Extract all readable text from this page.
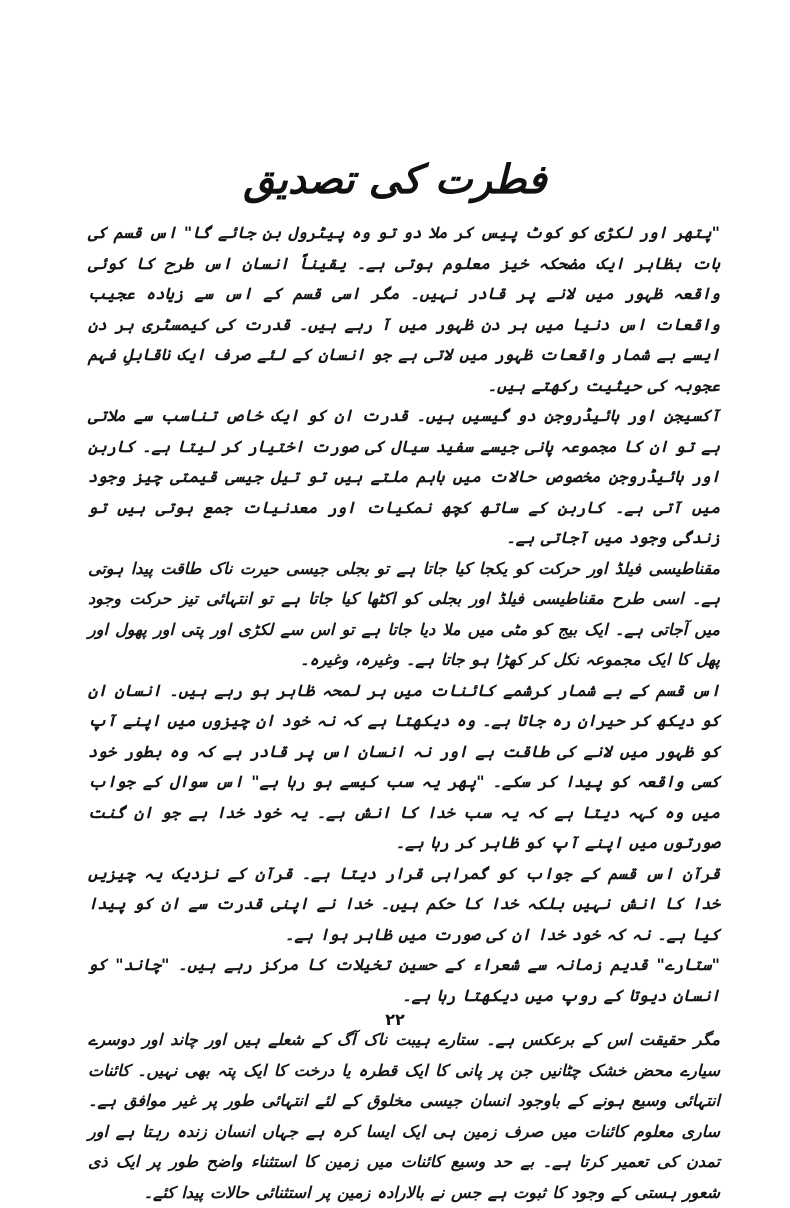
فطرت کی تصدیق

"پتھر اور لکڑی کو کوٹ پیس کر ملا دو تو وہ پیٹرول بن جائے گا" اس قسم کی بات بظاہر ایک مضحکہ خیز معلوم ہوتی ہے۔ یقیناً انسان اس طرح کا کوئی واقعہ ظہور میں لانے پر قادر نہیں۔ مگر اسی قسم کے اس سے زیادہ عجیب واقعات اس دنیا میں ہر دن ظہور میں آ رہے ہیں۔ قدرت کی کیمسٹری ہر دن ایسے بے شمار واقعات ظہور میں لاتی ہے جو انسان کے لئے صرف ایک ناقابلِ فہم عجوبہ کی حیثیت رکھتے ہیں۔

آکسیجن اور ہائیڈروجن دو گیسیں ہیں۔ قدرت ان کو ایک خاص تناسب سے ملاتی ہے تو ان کا مجموعہ پانی جیسے سفید سیال کی صورت اختیار کر لیتا ہے۔ کاربن اور ہائیڈروجن مخصوص حالات میں باہم ملتے ہیں تو تیل جیسی قیمتی چیز وجود میں آتی ہے۔ کاربن کے ساتھ کچھ نمکیات اور معدنیات جمع ہوتی ہیں تو زندگی وجود میں آجاتی ہے۔

مقناطیسی فیلڈ اور حرکت کو یکجا کیا جاتا ہے تو بجلی جیسی حیرت ناک طاقت پیدا ہوتی ہے۔ اسی طرح مقناطیسی فیلڈ اور بجلی کو اکٹھا کیا جاتا ہے تو انتہائی تیز حرکت وجود میں آجاتی ہے۔ ایک بیج کو مٹی میں ملا دیا جاتا ہے تو اس سے لکڑی اور پتی اور پھول اور پھل کا ایک مجموعہ نکل کر کھڑا ہو جاتا ہے۔ وغیرہ، وغیرہ۔

اس قسم کے بے شمار کرشمے کائنات میں ہر لمحہ ظاہر ہو رہے ہیں۔ انسان ان کو دیکھ کر حیران رہ جاتا ہے۔ وہ دیکھتا ہے کہ نہ خود ان چیزوں میں اپنے آپ کو ظہور میں لانے کی طاقت ہے اور نہ انسان اس پر قادر ہے کہ وہ بطور خود کسی واقعہ کو پیدا کر سکے۔ "پھر یہ سب کیسے ہو رہا ہے" اس سوال کے جواب میں وہ کہہ دیتا ہے کہ یہ سب خدا کا انش ہے۔ یہ خود خدا ہے جو ان گنت صورتوں میں اپنے آپ کو ظاہر کر رہا ہے۔

قرآن اس قسم کے جواب کو گمراہی قرار دیتا ہے۔ قرآن کے نزدیک یہ چیزیں خدا کا انش نہیں بلکہ خدا کا حکم ہیں۔ خدا نے اپنی قدرت سے ان کو پیدا کیا ہے۔ نہ کہ خود خدا ان کی صورت میں ظاہر ہوا ہے۔

"ستارے" قدیم زمانہ سے شعراء کے حسین تخیلات کا مرکز رہے ہیں۔ "چاند" کو انسان دیوتا کے روپ میں دیکھتا رہا ہے۔

مگر حقیقت اس کے برعکس ہے۔ ستارے ہیبت ناک آگ کے شعلے ہیں اور چاند اور دوسرے سیارے محض خشک چٹانیں جن پر پانی کا ایک قطرہ یا درخت کا ایک پتہ بھی نہیں۔ کائنات انتہائی وسیع ہونے کے باوجود انسان جیسی مخلوق کے لئے انتہائی طور پر غیر موافق ہے۔ ساری معلوم کائنات میں صرف زمین ہی ایک ایسا کرہ ہے جہاں انسان زندہ رہتا ہے اور تمدن کی تعمیر کرتا ہے۔ بے حد وسیع کائنات میں زمین کا استثناء واضح طور پر ایک ذی شعور ہستی کے وجود کا ثبوت ہے جس نے بالارادہ زمین پر استثنائی حالات پیدا کئے۔

۲۲
